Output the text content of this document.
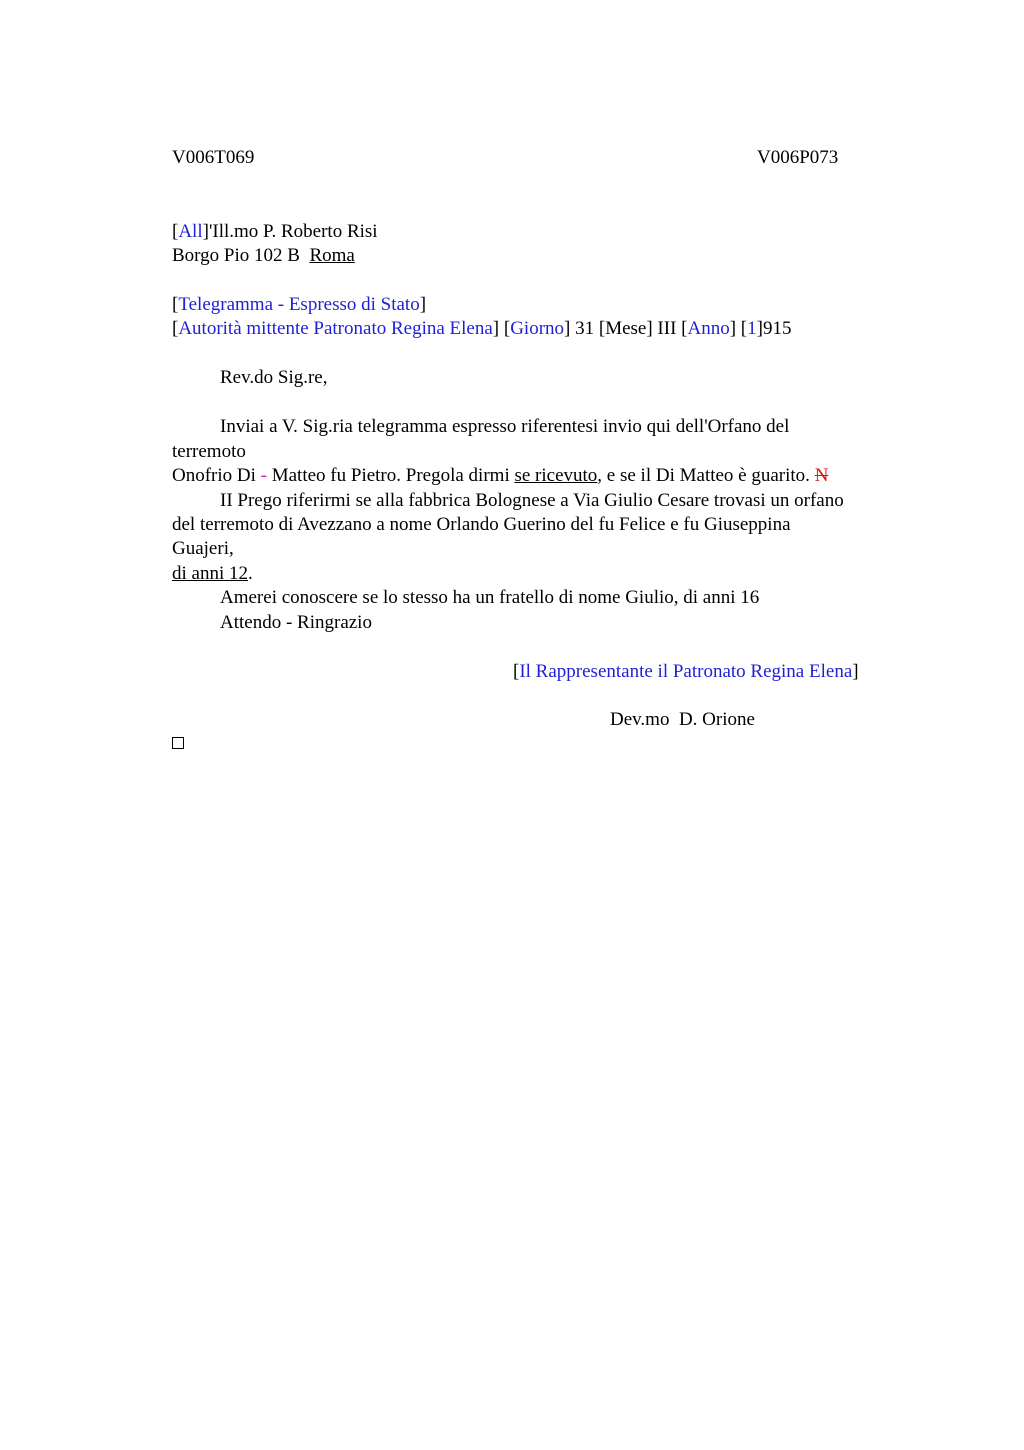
V006T069	V006P073
[All]'Ill.mo P. Roberto Risi
Borgo Pio 102 B Roma
[Telegramma - Espresso di Stato]
[Autorità mittente Patronato Regina Elena] [Giorno] 31 [Mese] III [Anno] [1]915
Rev.do Sig.re,
Inviai a V. Sig.ria telegramma espresso riferentesi invio qui dell'Orfano del
terremoto
Onofrio Di - Matteo fu Pietro. Pregola dirmi se ricevuto, e se il Di Matteo è guarito. N
II Prego riferirmi se alla fabbrica Bolognese a Via Giulio Cesare trovasi un orfano
del terremoto di Avezzano a nome Orlando Guerino del fu Felice e fu Giuseppina
Guajeri,
di anni 12.
Amerei conoscere se lo stesso ha un fratello di nome Giulio, di anni 16
Attendo - Ringrazio
[Il Rappresentante il Patronato Regina Elena]
Dev.mo  D. Orione
